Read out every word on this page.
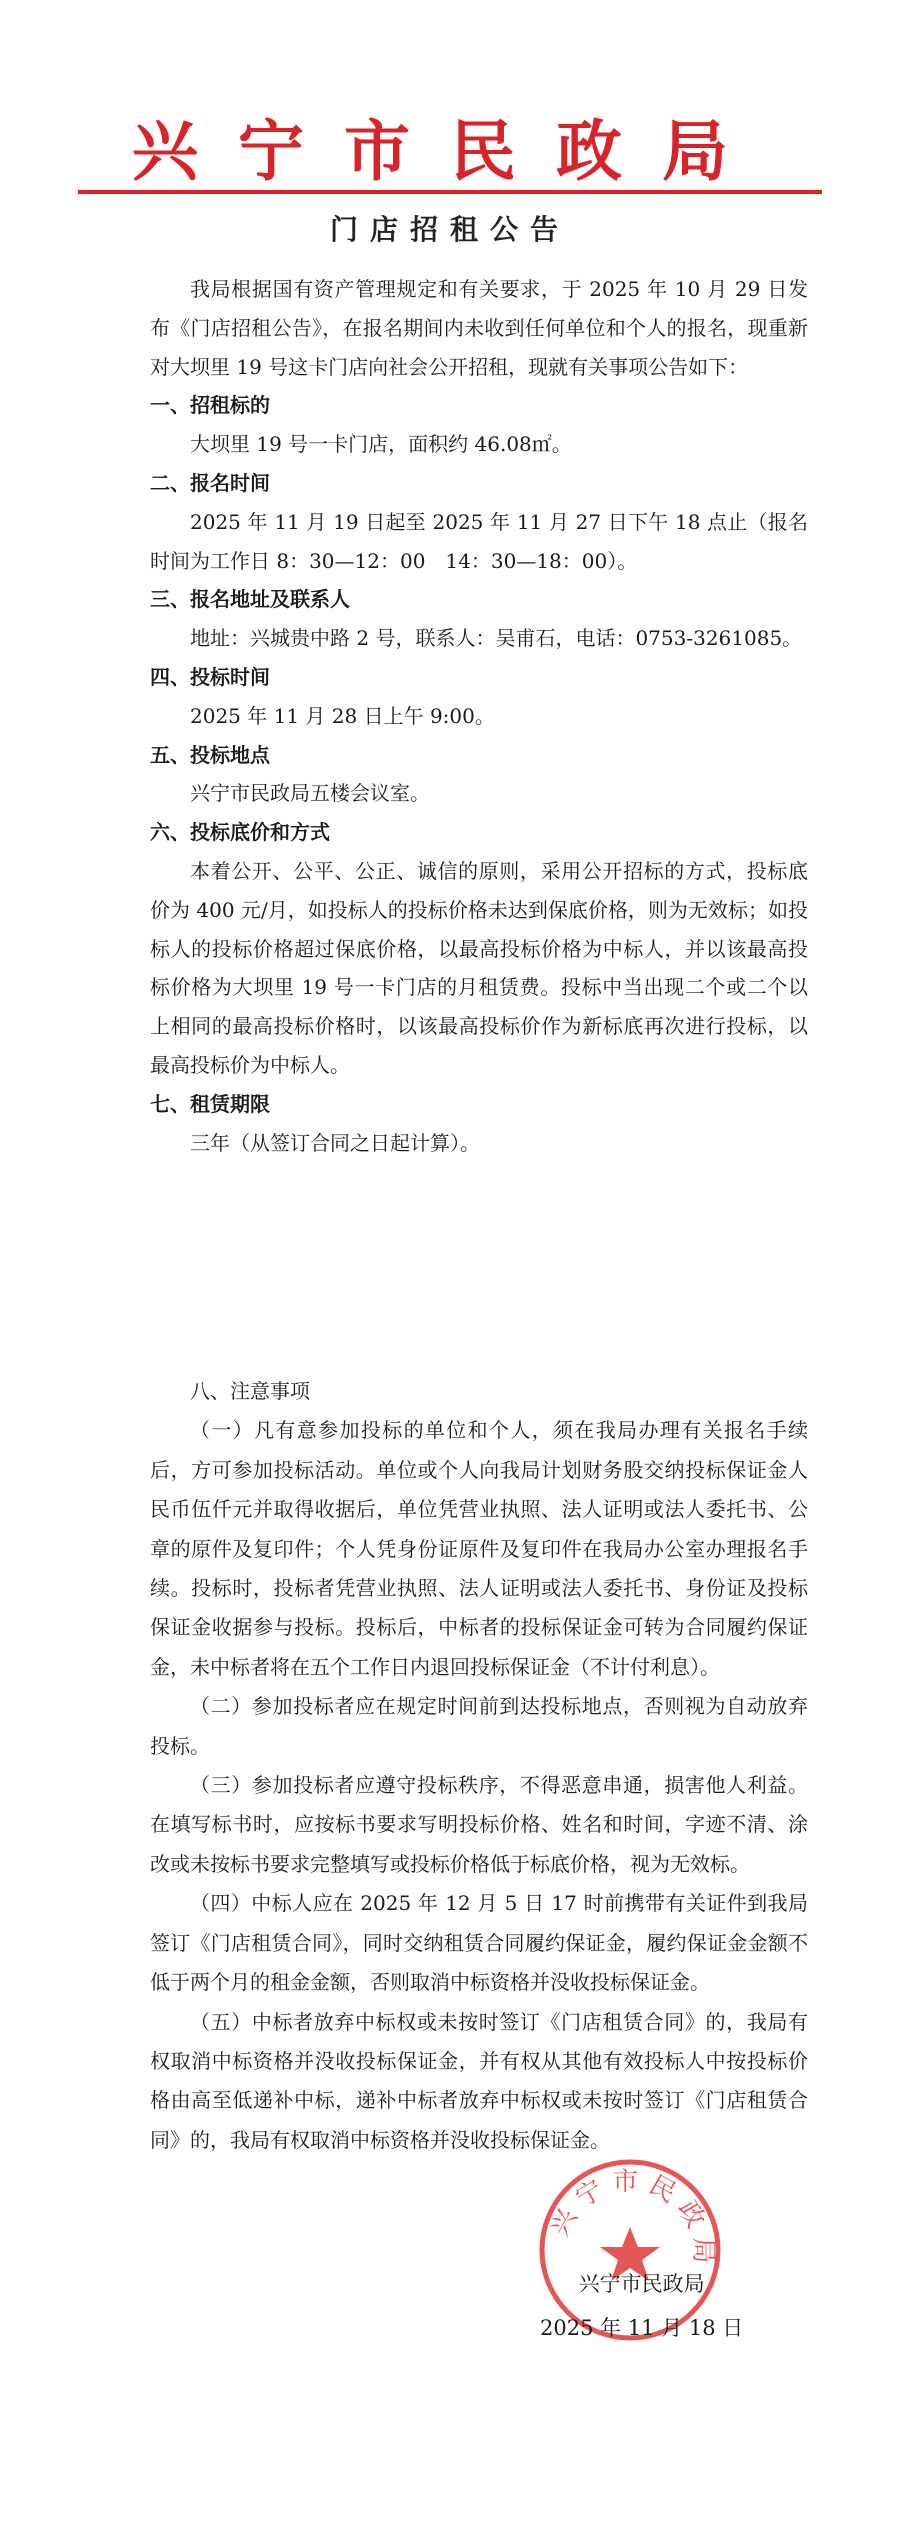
兴宁市民政局
门店招租公告

我局根据国有资产管理规定和有关要求，于 2025 年 10 月 29 日发布《门店招租公告》，在报名期间内未收到任何单位和个人的报名，现重新对大坝里 19 号这卡门店向社会公开招租，现就有关事项公告如下：

一、招租标的

大坝里 19 号一卡门店，面积约 46.08㎡。

二、报名时间

2025 年 11 月 19 日起至 2025 年 11 月 27 日下午 18 点止（报名时间为工作日 8：30—12：00　14：30—18：00）。

三、报名地址及联系人

地址：兴城贵中路 2 号，联系人：吴甫石，电话：0753-3261085。

四、投标时间

2025 年 11 月 28 日上午 9:00。

五、投标地点

兴宁市民政局五楼会议室。

六、投标底价和方式

本着公开、公平、公正、诚信的原则，采用公开招标的方式，投标底价为 400 元/月，如投标人的投标价格未达到保底价格，则为无效标；如投标人的投标价格超过保底价格，以最高投标价格为中标人，并以该最高投标价格为大坝里 19 号一卡门店的月租赁费。投标中当出现二个或二个以上相同的最高投标价格时，以该最高投标价作为新标底再次进行投标，以最高投标价为中标人。

七、租赁期限

三年（从签订合同之日起计算）。

八、注意事项

（一）凡有意参加投标的单位和个人，须在我局办理有关报名手续后，方可参加投标活动。单位或个人向我局计划财务股交纳投标保证金人民币伍仟元并取得收据后，单位凭营业执照、法人证明或法人委托书、公章的原件及复印件；个人凭身份证原件及复印件在我局办公室办理报名手续。投标时，投标者凭营业执照、法人证明或法人委托书、身份证及投标保证金收据参与投标。投标后，中标者的投标保证金可转为合同履约保证金，未中标者将在五个工作日内退回投标保证金（不计付利息）。

（二）参加投标者应在规定时间前到达投标地点，否则视为自动放弃投标。

（三）参加投标者应遵守投标秩序，不得恶意串通，损害他人利益。在填写标书时，应按标书要求写明投标价格、姓名和时间，字迹不清、涂改或未按标书要求完整填写或投标价格低于标底价格，视为无效标。

（四）中标人应在 2025 年 12 月 5 日 17 时前携带有关证件到我局签订《门店租赁合同》，同时交纳租赁合同履约保证金，履约保证金金额不低于两个月的租金金额，否则取消中标资格并没收投标保证金。

（五）中标者放弃中标权或未按时签订《门店租赁合同》的，我局有权取消中标资格并没收投标保证金，并有权从其他有效投标人中按投标价格由高至低递补中标，递补中标者放弃中标权或未按时签订《门店租赁合同》的，我局有权取消中标资格并没收投标保证金。

兴宁市民政局
兴宁市民政局
2025 年 11 月 18 日
